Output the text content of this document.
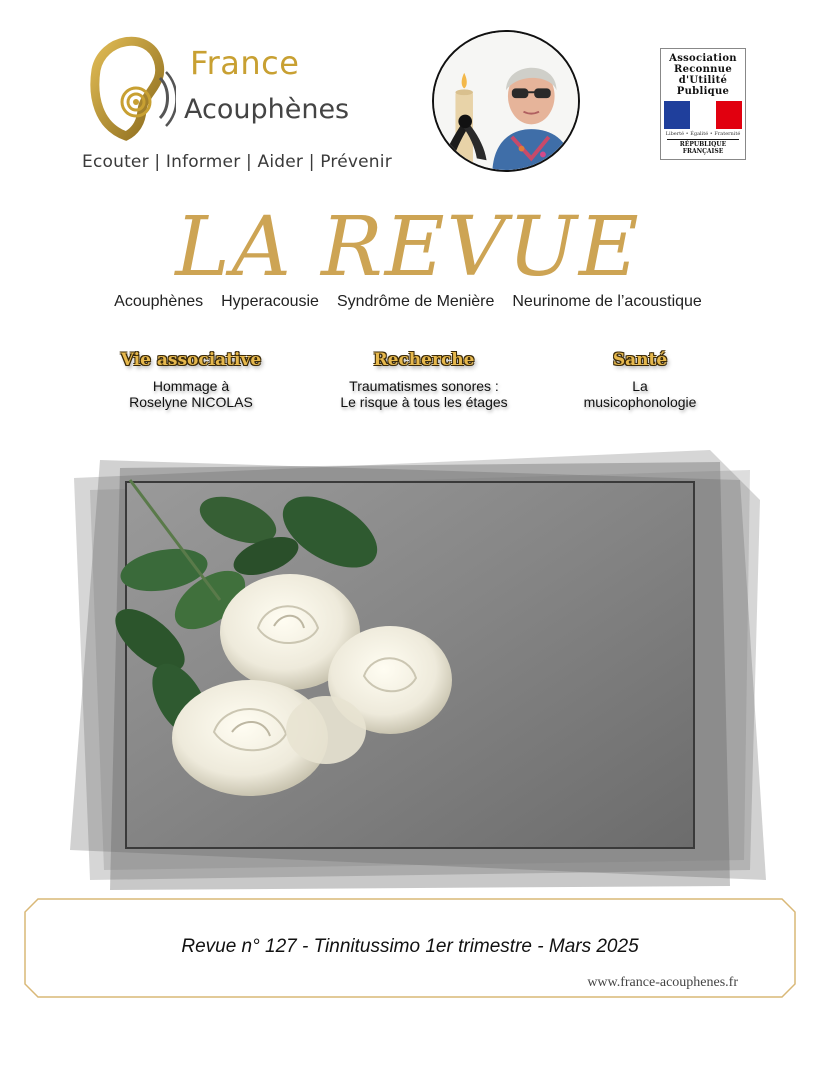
France
Acouphènes
Ecouter | Informer | Aider | Prévenir
Association
Reconnue
d'Utilité
Publique
Liberté • Égalité • Fraternité
RÉPUBLIQUE FRANÇAISE
LA REVUE
Acouphènes Hyperacousie Syndrôme de Menière Neurinome de l’acoustique
Vie associative
Hommage à
Roselyne NICOLAS
Recherche
Traumatismes sonores :
Le risque à tous les étages
Santé
La
musicophonologie
Revue n° 127 - Tinnitussimo 1er trimestre - Mars 2025
www.france-acouphenes.fr
